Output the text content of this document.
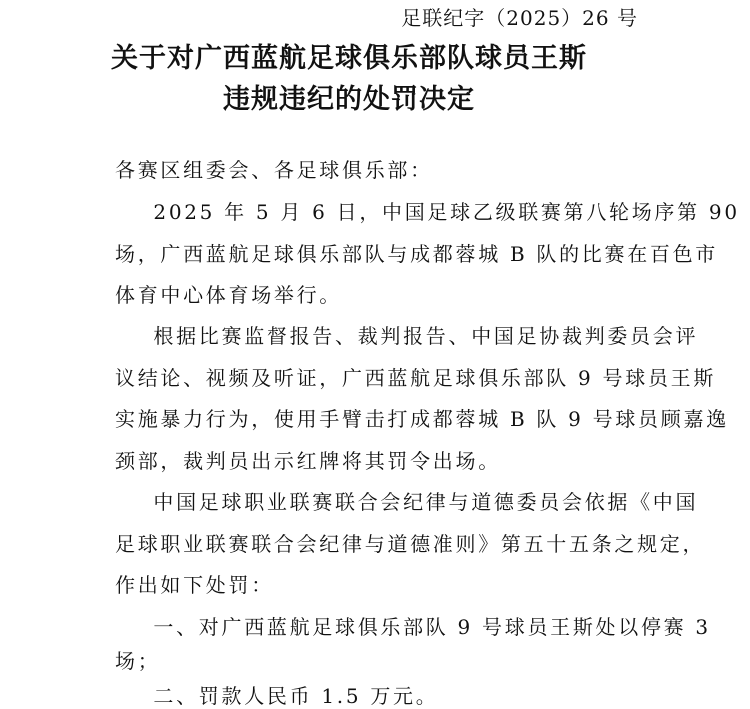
足联纪字（2025）26 号
关于对广西蓝航足球俱乐部队球员王斯
违规违纪的处罚决定
各赛区组委会、各足球俱乐部：
　　2025 年 5 月 6 日，中国足球乙级联赛第八轮场序第 90
场，广西蓝航足球俱乐部队与成都蓉城 B 队的比赛在百色市
体育中心体育场举行。
　　根据比赛监督报告、裁判报告、中国足协裁判委员会评
议结论、视频及听证，广西蓝航足球俱乐部队 9 号球员王斯
实施暴力行为，使用手臂击打成都蓉城 B 队 9 号球员顾嘉逸
颈部，裁判员出示红牌将其罚令出场。
　　中国足球职业联赛联合会纪律与道德委员会依据《中国
足球职业联赛联合会纪律与道德准则》第五十五条之规定，
作出如下处罚：
　　一、对广西蓝航足球俱乐部队 9 号球员王斯处以停赛 3
场；
　　二、罚款人民币 1.5 万元。
